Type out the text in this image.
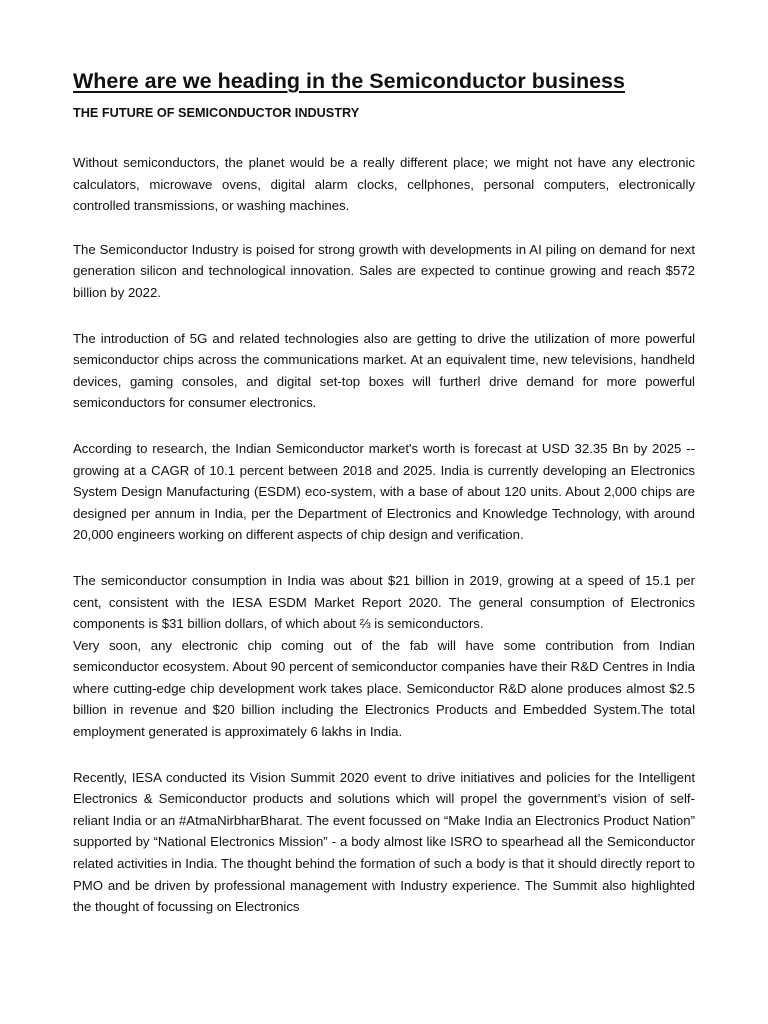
Where are we heading in the Semiconductor business
THE FUTURE OF SEMICONDUCTOR INDUSTRY

Without semiconductors, the planet would be a really different place; we might not have any electronic calculators, microwave ovens, digital alarm clocks, cellphones, personal computers, electronically controlled transmissions, or washing machines.

The Semiconductor Industry is poised for strong growth with developments in AI piling on demand for next generation silicon and technological innovation. Sales are expected to continue growing and reach $572 billion by 2022.

The introduction of 5G and related technologies also are getting to drive the utilization of more powerful semiconductor chips across the communications market. At an equivalent time, new televisions, handheld devices, gaming consoles, and digital set-top boxes will furtherl drive demand for more powerful semiconductors for consumer electronics.

According to research, the Indian Semiconductor market's worth is forecast at USD 32.35 Bn by 2025 -- growing at a CAGR of 10.1 percent between 2018 and 2025. India is currently developing an Electronics System Design Manufacturing (ESDM) eco-system, with a base of about 120 units. About 2,000 chips are designed per annum in India, per the Department of Electronics and Knowledge Technology, with around 20,000 engineers working on different aspects of chip design and verification.

The semiconductor consumption in India was about $21 billion in 2019, growing at a speed of 15.1 per cent, consistent with the IESA ESDM Market Report 2020. The general consumption of Electronics components is $31 billion dollars, of which about ⅔ is semiconductors.

Very soon, any electronic chip coming out of the fab will have some contribution from Indian semiconductor ecosystem. About 90 percent of semiconductor companies have their R&D Centres in India where cutting-edge chip development work takes place. Semiconductor R&D alone produces almost $2.5 billion in revenue and $20 billion including the Electronics Products and Embedded System.The total employment generated is approximately 6 lakhs in India.

Recently, IESA conducted its Vision Summit 2020 event to drive initiatives and policies for the Intelligent Electronics & Semiconductor products and solutions which will propel the government’s vision of self-reliant India or an #AtmaNirbharBharat. The event focussed on “Make India an Electronics Product Nation” supported by “National Electronics Mission” - a body almost like ISRO to spearhead all the Semiconductor related activities in India. The thought behind the formation of such a body is that it should directly report to PMO and be driven by professional management with Industry experience. The Summit also highlighted the thought of focussing on Electronics
